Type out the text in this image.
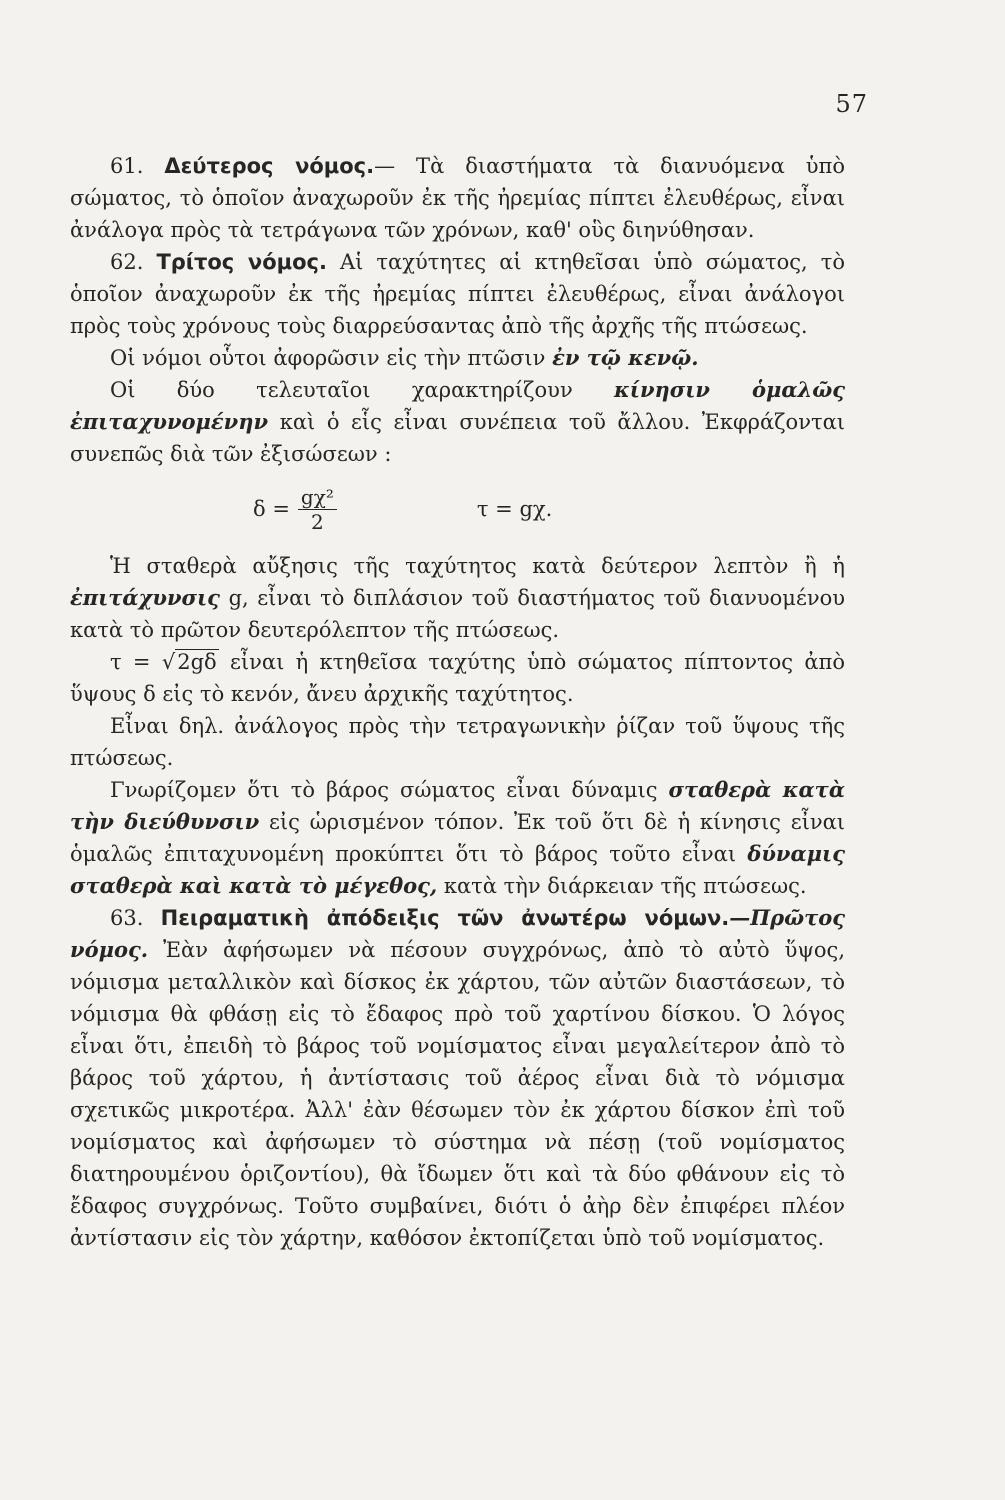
57

61. Δεύτερος νόμος.— Τὰ διαστήματα τὰ διανυόμενα ὑπὸ σώματος, τὸ ὁποῖον ἀναχωροῦν ἐκ τῆς ἠρεμίας πίπτει ἐλευθέρως, εἶναι ἀνάλογα πρὸς τὰ τετράγωνα τῶν χρόνων, καθ' οὓς διηνύθησαν.

62. Τρίτος νόμος. Αἱ ταχύτητες αἱ κτηθεῖσαι ὑπὸ σώματος, τὸ ὁποῖον ἀναχωροῦν ἐκ τῆς ἠρεμίας πίπτει ἐλευθέρως, εἶναι ἀνάλογοι πρὸς τοὺς χρόνους τοὺς διαρρεύσαντας ἀπὸ τῆς ἀρχῆς τῆς πτώσεως.

Οἱ νόμοι οὗτοι ἀφορῶσιν εἰς τὴν πτῶσιν ἐν τῷ κενῷ.

Οἱ δύο τελευταῖοι χαρακτηρίζουν κίνησιν ὁμαλῶς ἐπιταχυνομένην καὶ ὁ εἷς εἶναι συνέπεια τοῦ ἄλλου. Ἐκφράζονται συνεπῶς διὰ τῶν ἐξισώσεων :

$\delta = \frac{\text{gχ²}}{2}$	τ = gχ.

Ἡ σταθερὰ αὔξησις τῆς ταχύτητος κατὰ δεύτερον λεπτὸν ἢ ἡ ἐπιτάχυνσις g, εἶναι τὸ διπλάσιον τοῦ διαστήματος τοῦ διανυομένου κατὰ τὸ πρῶτον δευτερόλεπτον τῆς πτώσεως.

τ = √2gδ εἶναι ἡ κτηθεῖσα ταχύτης ὑπὸ σώματος πίπτοντος ἀπὸ ὕψους δ εἰς τὸ κενόν, ἄνευ ἀρχικῆς ταχύτητος.

Εἶναι δηλ. ἀνάλογος πρὸς τὴν τετραγωνικὴν ῥίζαν τοῦ ὕψους τῆς πτώσεως.

Γνωρίζομεν ὅτι τὸ βάρος σώματος εἶναι δύναμις σταθερὰ κατὰ τὴν διεύθυνσιν εἰς ὡρισμένον τόπον. Ἐκ τοῦ ὅτι δὲ ἡ κίνησις εἶναι ὁμαλῶς ἐπιταχυνομένη προκύπτει ὅτι τὸ βάρος τοῦτο εἶναι δύναμις σταθερὰ καὶ κατὰ τὸ μέγεθος, κατὰ τὴν διάρκειαν τῆς πτώσεως.

63. Πειραματικὴ ἀπόδειξις τῶν ἀνωτέρω νόμων.—Πρῶτος νόμος. Ἐὰν ἀφήσωμεν νὰ πέσουν συγχρόνως, ἀπὸ τὸ αὐτὸ ὕψος, νόμισμα μεταλλικὸν καὶ δίσκος ἐκ χάρτου, τῶν αὐτῶν διαστάσεων, τὸ νόμισμα θὰ φθάσῃ εἰς τὸ ἔδαφος πρὸ τοῦ χαρτίνου δίσκου. Ὁ λόγος εἶναι ὅτι, ἐπειδὴ τὸ βάρος τοῦ νομίσματος εἶναι μεγαλείτερον ἀπὸ τὸ βάρος τοῦ χάρτου, ἡ ἀντίστασις τοῦ ἀέρος εἶναι διὰ τὸ νόμισμα σχετικῶς μικροτέρα. Ἀλλ' ἐὰν θέσωμεν τὸν ἐκ χάρτου δίσκον ἐπὶ τοῦ νομίσματος καὶ ἀφήσωμεν τὸ σύστημα νὰ πέσῃ (τοῦ νομίσματος διατηρουμένου ὁριζοντίου), θὰ ἴδωμεν ὅτι καὶ τὰ δύο φθάνουν εἰς τὸ ἔδαφος συγχρόνως. Τοῦτο συμβαίνει, διότι ὁ ἀὴρ δὲν ἐπιφέρει πλέον ἀντίστασιν εἰς τὸν χάρτην, καθόσον ἐκτοπίζεται ὑπὸ τοῦ νομίσματος.
